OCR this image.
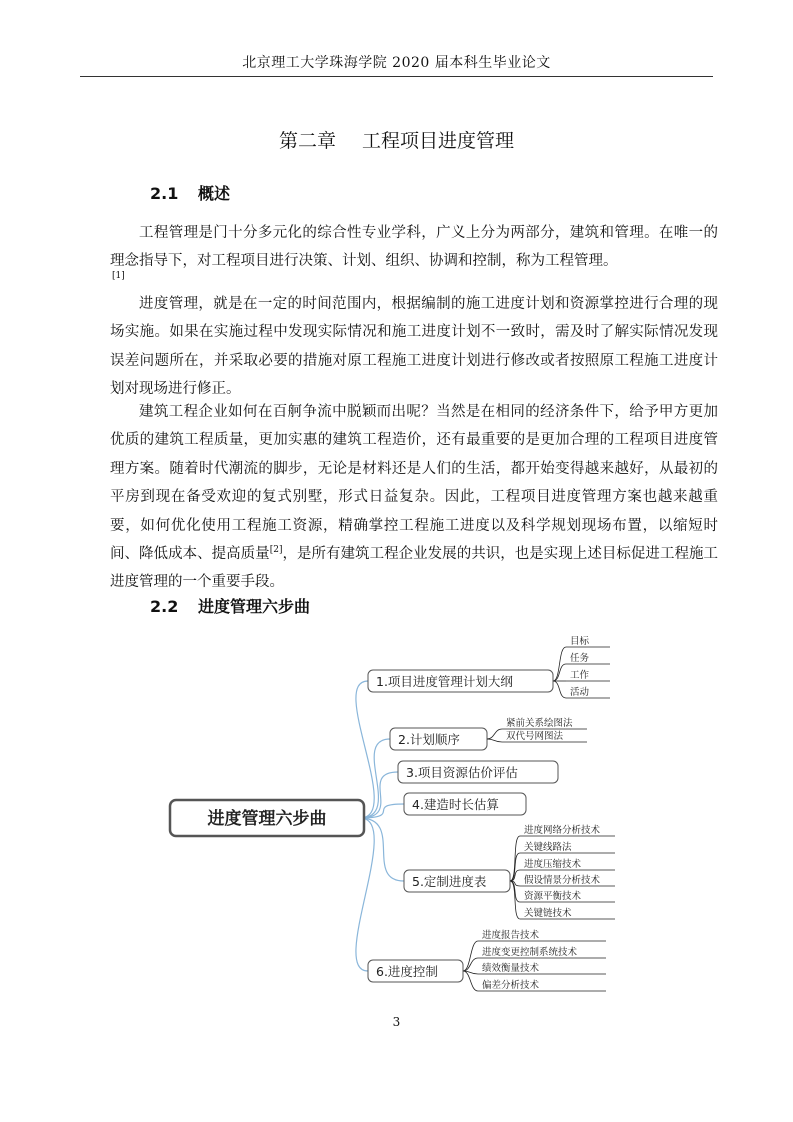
北京理工大学珠海学院 2020 届本科生毕业论文
第二章 工程项目进度管理
2.1 概述

工程管理是门十分多元化的综合性专业学科，广义上分为两部分，建筑和管理。在唯一的理念指导下，对工程项目进行决策、计划、组织、协调和控制，称为工程管理。

[1]

进度管理，就是在一定的时间范围内，根据编制的施工进度计划和资源掌控进行合理的现场实施。如果在实施过程中发现实际情况和施工进度计划不一致时，需及时了解实际情况发现误差问题所在，并采取必要的措施对原工程施工进度计划进行修改或者按照原工程施工进度计划对现场进行修正。

建筑工程企业如何在百舸争流中脱颖而出呢？当然是在相同的经济条件下，给予甲方更加优质的建筑工程质量，更加实惠的建筑工程造价，还有最重要的是更加合理的工程项目进度管理方案。随着时代潮流的脚步，无论是材料还是人们的生活，都开始变得越来越好，从最初的平房到现在备受欢迎的复式别墅，形式日益复杂。因此，工程项目进度管理方案也越来越重要，如何优化使用工程施工资源，精确掌控工程施工进度以及科学规划现场布置，以缩短时间、降低成本、提高质量[2]，是所有建筑工程企业发展的共识，也是实现上述目标促进工程施工进度管理的一个重要手段。

2.2 进度管理六步曲
进度管理六步曲
1.项目进度管理计划大纲
目标
任务
工作
活动
2.计划顺序
紧前关系绘图法
双代号网图法
3.项目资源估价评估
4.建造时长估算
5.定制进度表
进度网络分析技术
关键线路法
进度压缩技术
假设情景分析技术
资源平衡技术
关键链技术
6.进度控制
进度报告技术
进度变更控制系统技术
绩效衡量技术
偏差分析技术
3
